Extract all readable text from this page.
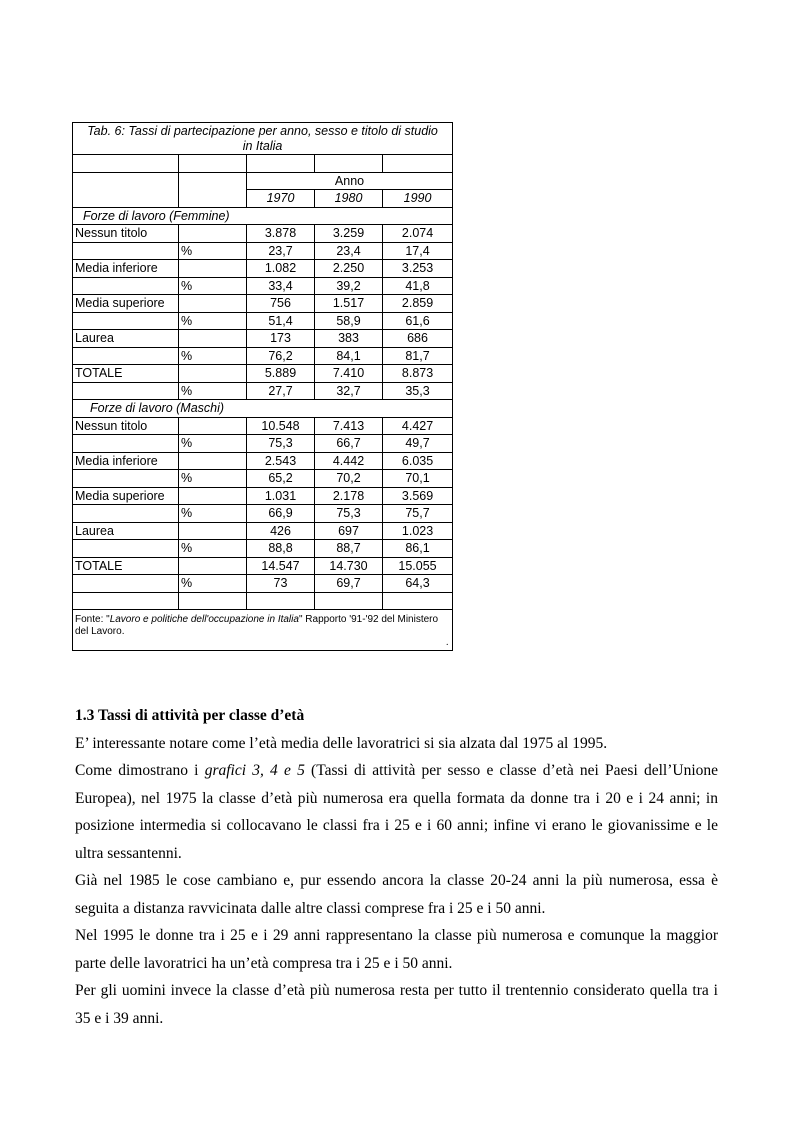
Tab. 6: Tassi di partecipazione per anno, sesso e titolo di studio in Italia				

		Anno		
		1970	1980	1990
Forze di lavoro (Femmine)				
Nessun titolo		3.878	3.259	2.074
	%	23,7	23,4	17,4
Media inferiore		1.082	2.250	3.253
	%	33,4	39,2	41,8
Media superiore		756	1.517	2.859
	%	51,4	58,9	61,6
Laurea		173	383	686
	%	76,2	84,1	81,7
TOTALE		5.889	7.410	8.873
	%	27,7	32,7	35,3
Forze di lavoro (Maschi)				
Nessun titolo		10.548	7.413	4.427
	%	75,3	66,7	49,7
Media inferiore		2.543	4.442	6.035
	%	65,2	70,2	70,1
Media superiore		1.031	2.178	3.569
	%	66,9	75,3	75,7
Laurea		426	697	1.023
	%	88,8	88,7	86,1
TOTALE		14.547	14.730	15.055
	%	73	69,7	64,3

Fonte: "Lavoro e politiche dell'occupazione in Italia" Rapporto '91-'92 del Ministero del Lavoro.
.				
1.3 Tassi di attività per classe d’età

E’ interessante notare come l’età media delle lavoratrici si sia alzata dal 1975 al 1995.

Come dimostrano i grafici 3, 4 e 5 (Tassi di attività per sesso e classe d’età nei Paesi dell’Unione Europea), nel 1975 la classe d’età più numerosa era quella formata da donne tra i 20 e i 24 anni; in posizione intermedia si collocavano le classi fra i 25 e i 60 anni; infine vi erano le giovanissime e le ultra sessantenni.

Già nel 1985 le cose cambiano e, pur essendo ancora la classe 20-24 anni la più numerosa, essa è seguita a distanza ravvicinata dalle altre classi comprese fra i 25 e i 50 anni.

Nel 1995 le donne tra i 25 e i 29 anni rappresentano la classe più numerosa e comunque la maggior parte delle lavoratrici ha un’età compresa tra i 25 e i 50 anni.

Per gli uomini invece la classe d’età più numerosa resta per tutto il trentennio considerato quella tra i 35 e i 39 anni.
